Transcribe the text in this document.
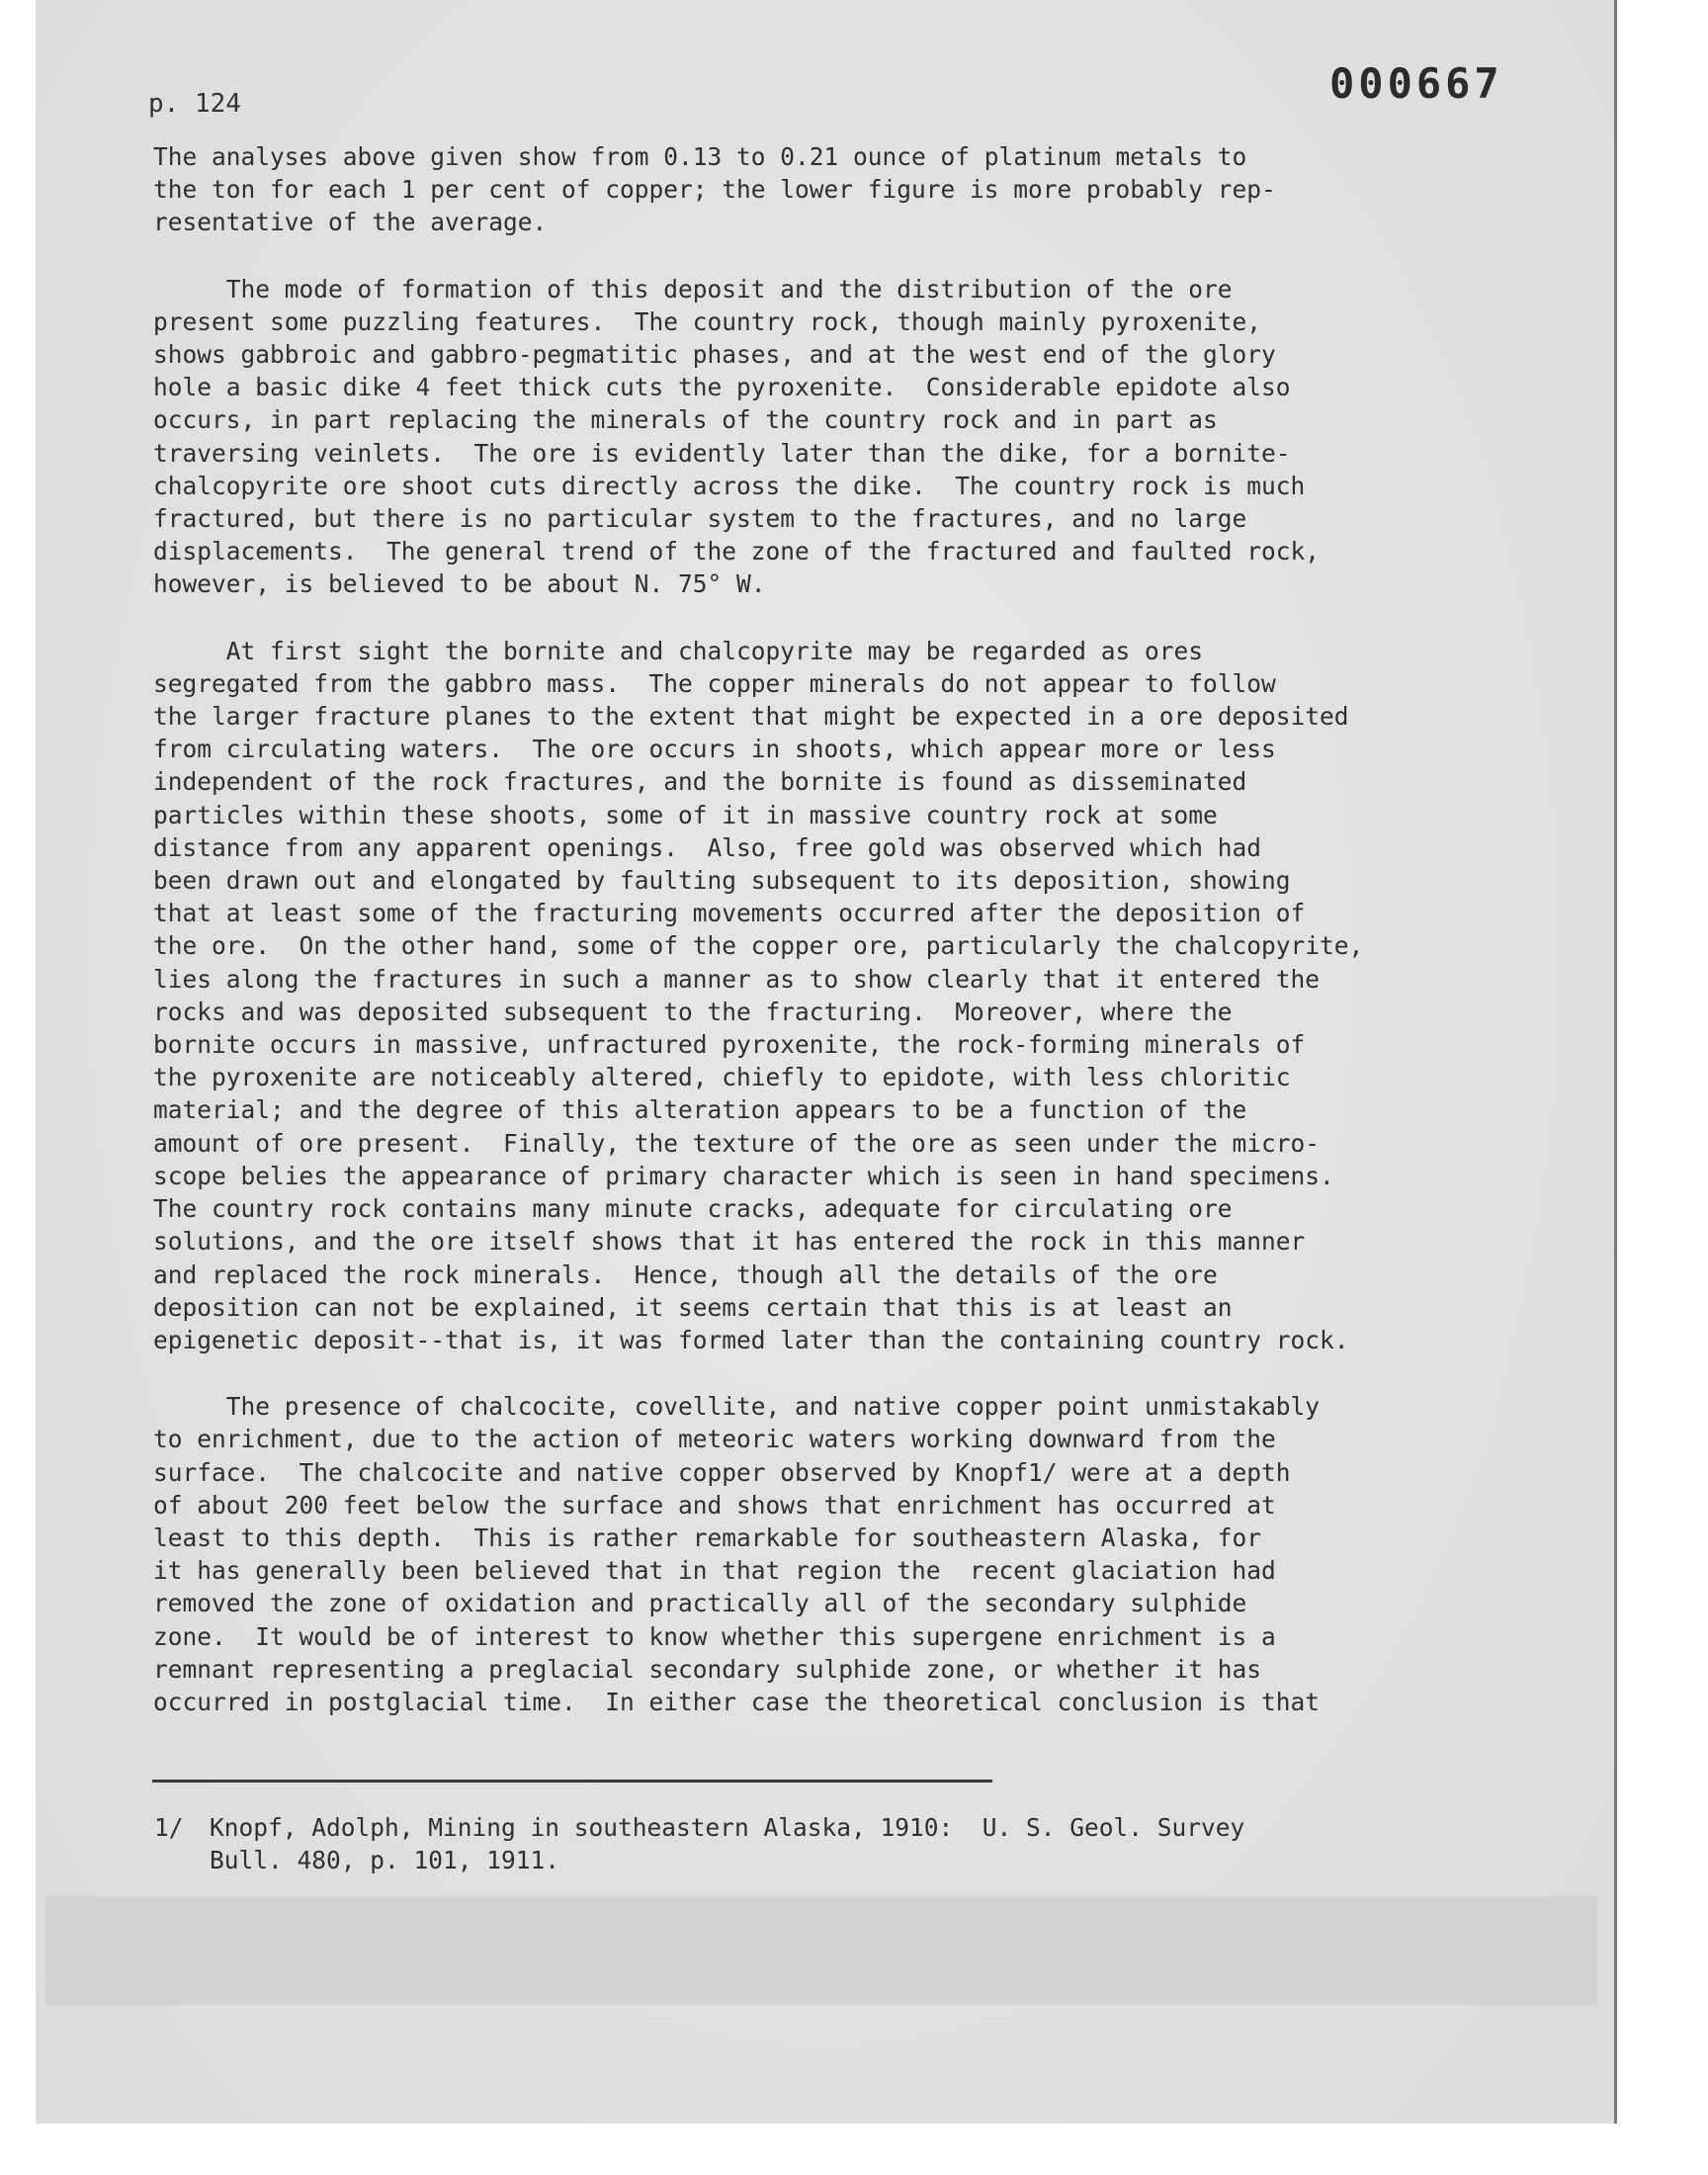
p. 124	000667

The analyses above given show from 0.13 to 0.21 ounce of platinum metals to
the ton for each 1 per cent of copper; the lower figure is more probably rep-
resentative of the average.

The mode of formation of this deposit and the distribution of the ore
present some puzzling features.  The country rock, though mainly pyroxenite,
shows gabbroic and gabbro-pegmatitic phases, and at the west end of the glory
hole a basic dike 4 feet thick cuts the pyroxenite.  Considerable epidote also
occurs, in part replacing the minerals of the country rock and in part as
traversing veinlets.  The ore is evidently later than the dike, for a bornite-
chalcopyrite ore shoot cuts directly across the dike.  The country rock is much
fractured, but there is no particular system to the fractures, and no large
displacements.  The general trend of the zone of the fractured and faulted rock,
however, is believed to be about N. 75° W.

At first sight the bornite and chalcopyrite may be regarded as ores
segregated from the gabbro mass.  The copper minerals do not appear to follow
the larger fracture planes to the extent that might be expected in a ore deposited
from circulating waters.  The ore occurs in shoots, which appear more or less
independent of the rock fractures, and the bornite is found as disseminated
particles within these shoots, some of it in massive country rock at some
distance from any apparent openings.  Also, free gold was observed which had
been drawn out and elongated by faulting subsequent to its deposition, showing
that at least some of the fracturing movements occurred after the deposition of
the ore.  On the other hand, some of the copper ore, particularly the chalcopyrite,
lies along the fractures in such a manner as to show clearly that it entered the
rocks and was deposited subsequent to the fracturing.  Moreover, where the
bornite occurs in massive, unfractured pyroxenite, the rock-forming minerals of
the pyroxenite are noticeably altered, chiefly to epidote, with less chloritic
material; and the degree of this alteration appears to be a function of the
amount of ore present.  Finally, the texture of the ore as seen under the micro-
scope belies the appearance of primary character which is seen in hand specimens.
The country rock contains many minute cracks, adequate for circulating ore
solutions, and the ore itself shows that it has entered the rock in this manner
and replaced the rock minerals.  Hence, though all the details of the ore
deposition can not be explained, it seems certain that this is at least an
epigenetic deposit--that is, it was formed later than the containing country rock.

The presence of chalcocite, covellite, and native copper point unmistakably
to enrichment, due to the action of meteoric waters working downward from the
surface.  The chalcocite and native copper observed by Knopf1/ were at a depth
of about 200 feet below the surface and shows that enrichment has occurred at
least to this depth.  This is rather remarkable for southeastern Alaska, for
it has generally been believed that in that region the  recent glaciation had
removed the zone of oxidation and practically all of the secondary sulphide
zone.  It would be of interest to know whether this supergene enrichment is a
remnant representing a preglacial secondary sulphide zone, or whether it has
occurred in postglacial time.  In either case the theoretical conclusion is that

1/ Knopf, Adolph, Mining in southeastern Alaska, 1910:  U. S. Geol. Survey
Bull. 480, p. 101, 1911.
